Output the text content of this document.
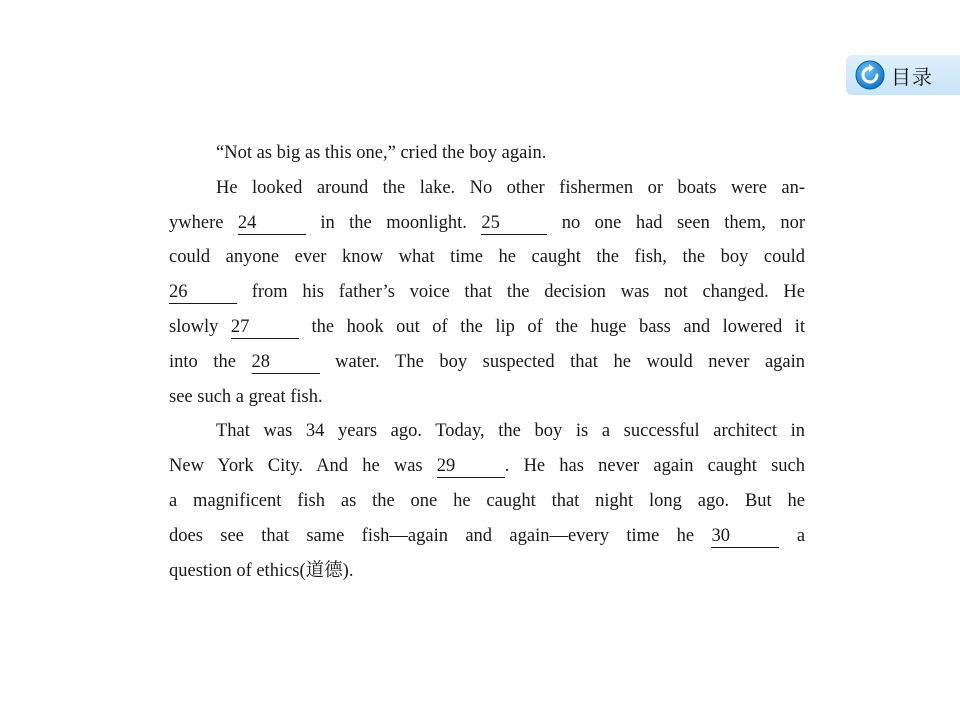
目录
“Not as big as this one,” cried the boy again.
He looked around the lake. No other fishermen or boats were an-
ywhere 24	in the moonlight. 25	no one had seen them, nor
could anyone ever know what time he caught the fish, the boy could
26	from his father’s voice that the decision was not changed. He
slowly 27	the hook out of the lip of the huge bass and lowered it
into the 28	water. The boy suspected that he would never again
see such a great fish.
That was 34 years ago. Today, the boy is a successful architect in
New York City. And he was 29	. He has never again caught such
a magnificent fish as the one he caught that night long ago. But he
does see that same fish—again and again—every time he 30	a
question of ethics(道德).
